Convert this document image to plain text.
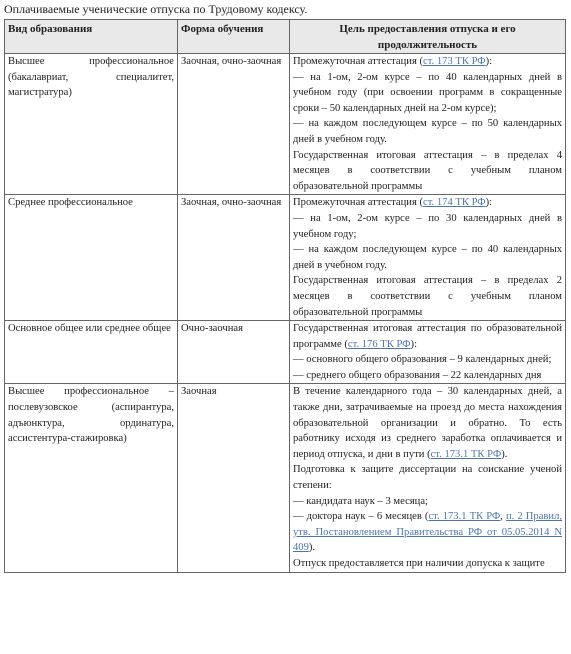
Оплачиваемые ученические отпуска по Трудовому кодексу.
Вид образования	Форма обучения	Цель предоставления отпуска и его продолжительность
Высшее профессиональное (бакалавриат, специалитет, магистратура)	Заочная, очно-заочная	Промежуточная аттестация (ст. 173 ТК РФ):
— на 1-ом, 2-ом курсе – по 40 календарных дней в учебном году (при освоении программ в сокращенные сроки – 50 календарных дней на 2-ом курсе);
— на каждом последующем курсе – по 50 календарных дней в учебном году.
Государственная итоговая аттестация – в пределах 4 месяцев в соответствии с учебным планом образовательной программы

Среднее профессиональное	Заочная, очно-заочная	Промежуточная аттестация (ст. 174 ТК РФ):
— на 1-ом, 2-ом курсе – по 30 календарных дней в учебном году;
— на каждом последующем курсе – по 40 календарных дней в учебном году.
Государственная итоговая аттестация – в пределах 2 месяцев в соответствии с учебным планом образовательной программы

Основное общее или среднее общее	Очно-заочная	Государственная итоговая аттестация по образовательной программе (ст. 176 ТК РФ):
— основного общего образования – 9 календарных дней;
— среднего общего образования – 22 календарных дня

Высшее профессиональное – послевузовское (аспирантура, адъюнктура, ординатура, ассистентура-стажировка)	Заочная	В течение календарного года – 30 календарных дней, а также дни, затрачиваемые на проезд до места нахождения образовательной организации и обратно. То есть работнику исходя из среднего заработка оплачивается и период отпуска, и дни в пути (ст. 173.1 ТК РФ).
Подготовка к защите диссертации на соискание ученой степени:
— кандидата наук – 3 месяца;
— доктора наук – 6 месяцев (ст. 173.1 ТК РФ, п. 2 Правил, утв. Постановлением Правительства РФ от 05.05.2014 N 409).
Отпуск предоставляется при наличии допуска к защите
